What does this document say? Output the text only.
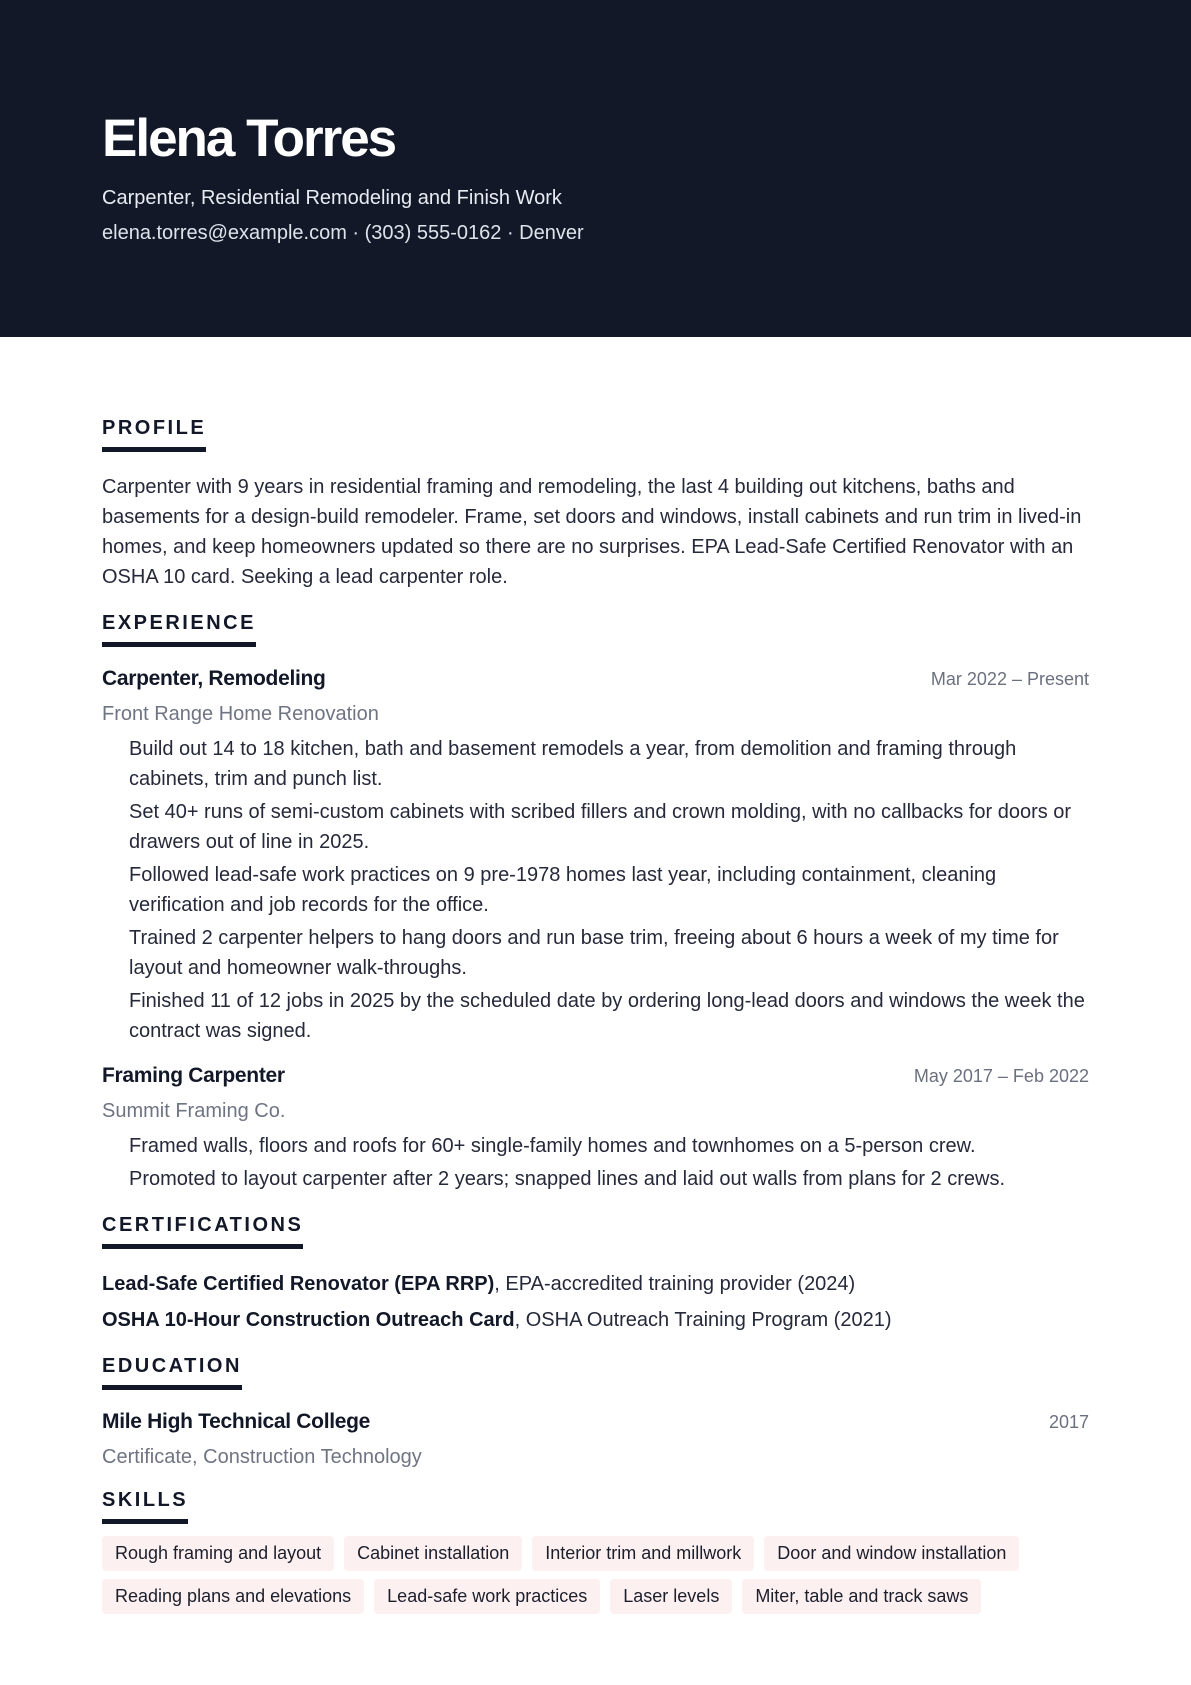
Elena Torres
Carpenter, Residential Remodeling and Finish Work
elena.torres@example.com · (303) 555-0162 · Denver
PROFILE

Carpenter with 9 years in residential framing and remodeling, the last 4 building out kitchens, baths and basements for a design-build remodeler. Frame, set doors and windows, install cabinets and run trim in lived-in homes, and keep homeowners updated so there are no surprises. EPA Lead-Safe Certified Renovator with an OSHA 10 card. Seeking a lead carpenter role.

EXPERIENCE
Carpenter, Remodeling	Mar 2022 – Present
Front Range Home Renovation
Build out 14 to 18 kitchen, bath and basement remodels a year, from demolition and framing through cabinets, trim and punch list.
Set 40+ runs of semi-custom cabinets with scribed fillers and crown molding, with no callbacks for doors or drawers out of line in 2025.
Followed lead-safe work practices on 9 pre-1978 homes last year, including containment, cleaning verification and job records for the office.
Trained 2 carpenter helpers to hang doors and run base trim, freeing about 6 hours a week of my time for layout and homeowner walk-throughs.
Finished 11 of 12 jobs in 2025 by the scheduled date by ordering long-lead doors and windows the week the contract was signed.
Framing Carpenter	May 2017 – Feb 2022
Summit Framing Co.
Framed walls, floors and roofs for 60+ single-family homes and townhomes on a 5-person crew.
Promoted to layout carpenter after 2 years; snapped lines and laid out walls from plans for 2 crews.
CERTIFICATIONS
Lead-Safe Certified Renovator (EPA RRP), EPA-accredited training provider (2024)
OSHA 10-Hour Construction Outreach Card, OSHA Outreach Training Program (2021)
EDUCATION
Mile High Technical College	2017
Certificate, Construction Technology
SKILLS
Rough framing and layout	Cabinet installation	Interior trim and millwork	Door and window installation
Reading plans and elevations	Lead-safe work practices	Laser levels	Miter, table and track saws
